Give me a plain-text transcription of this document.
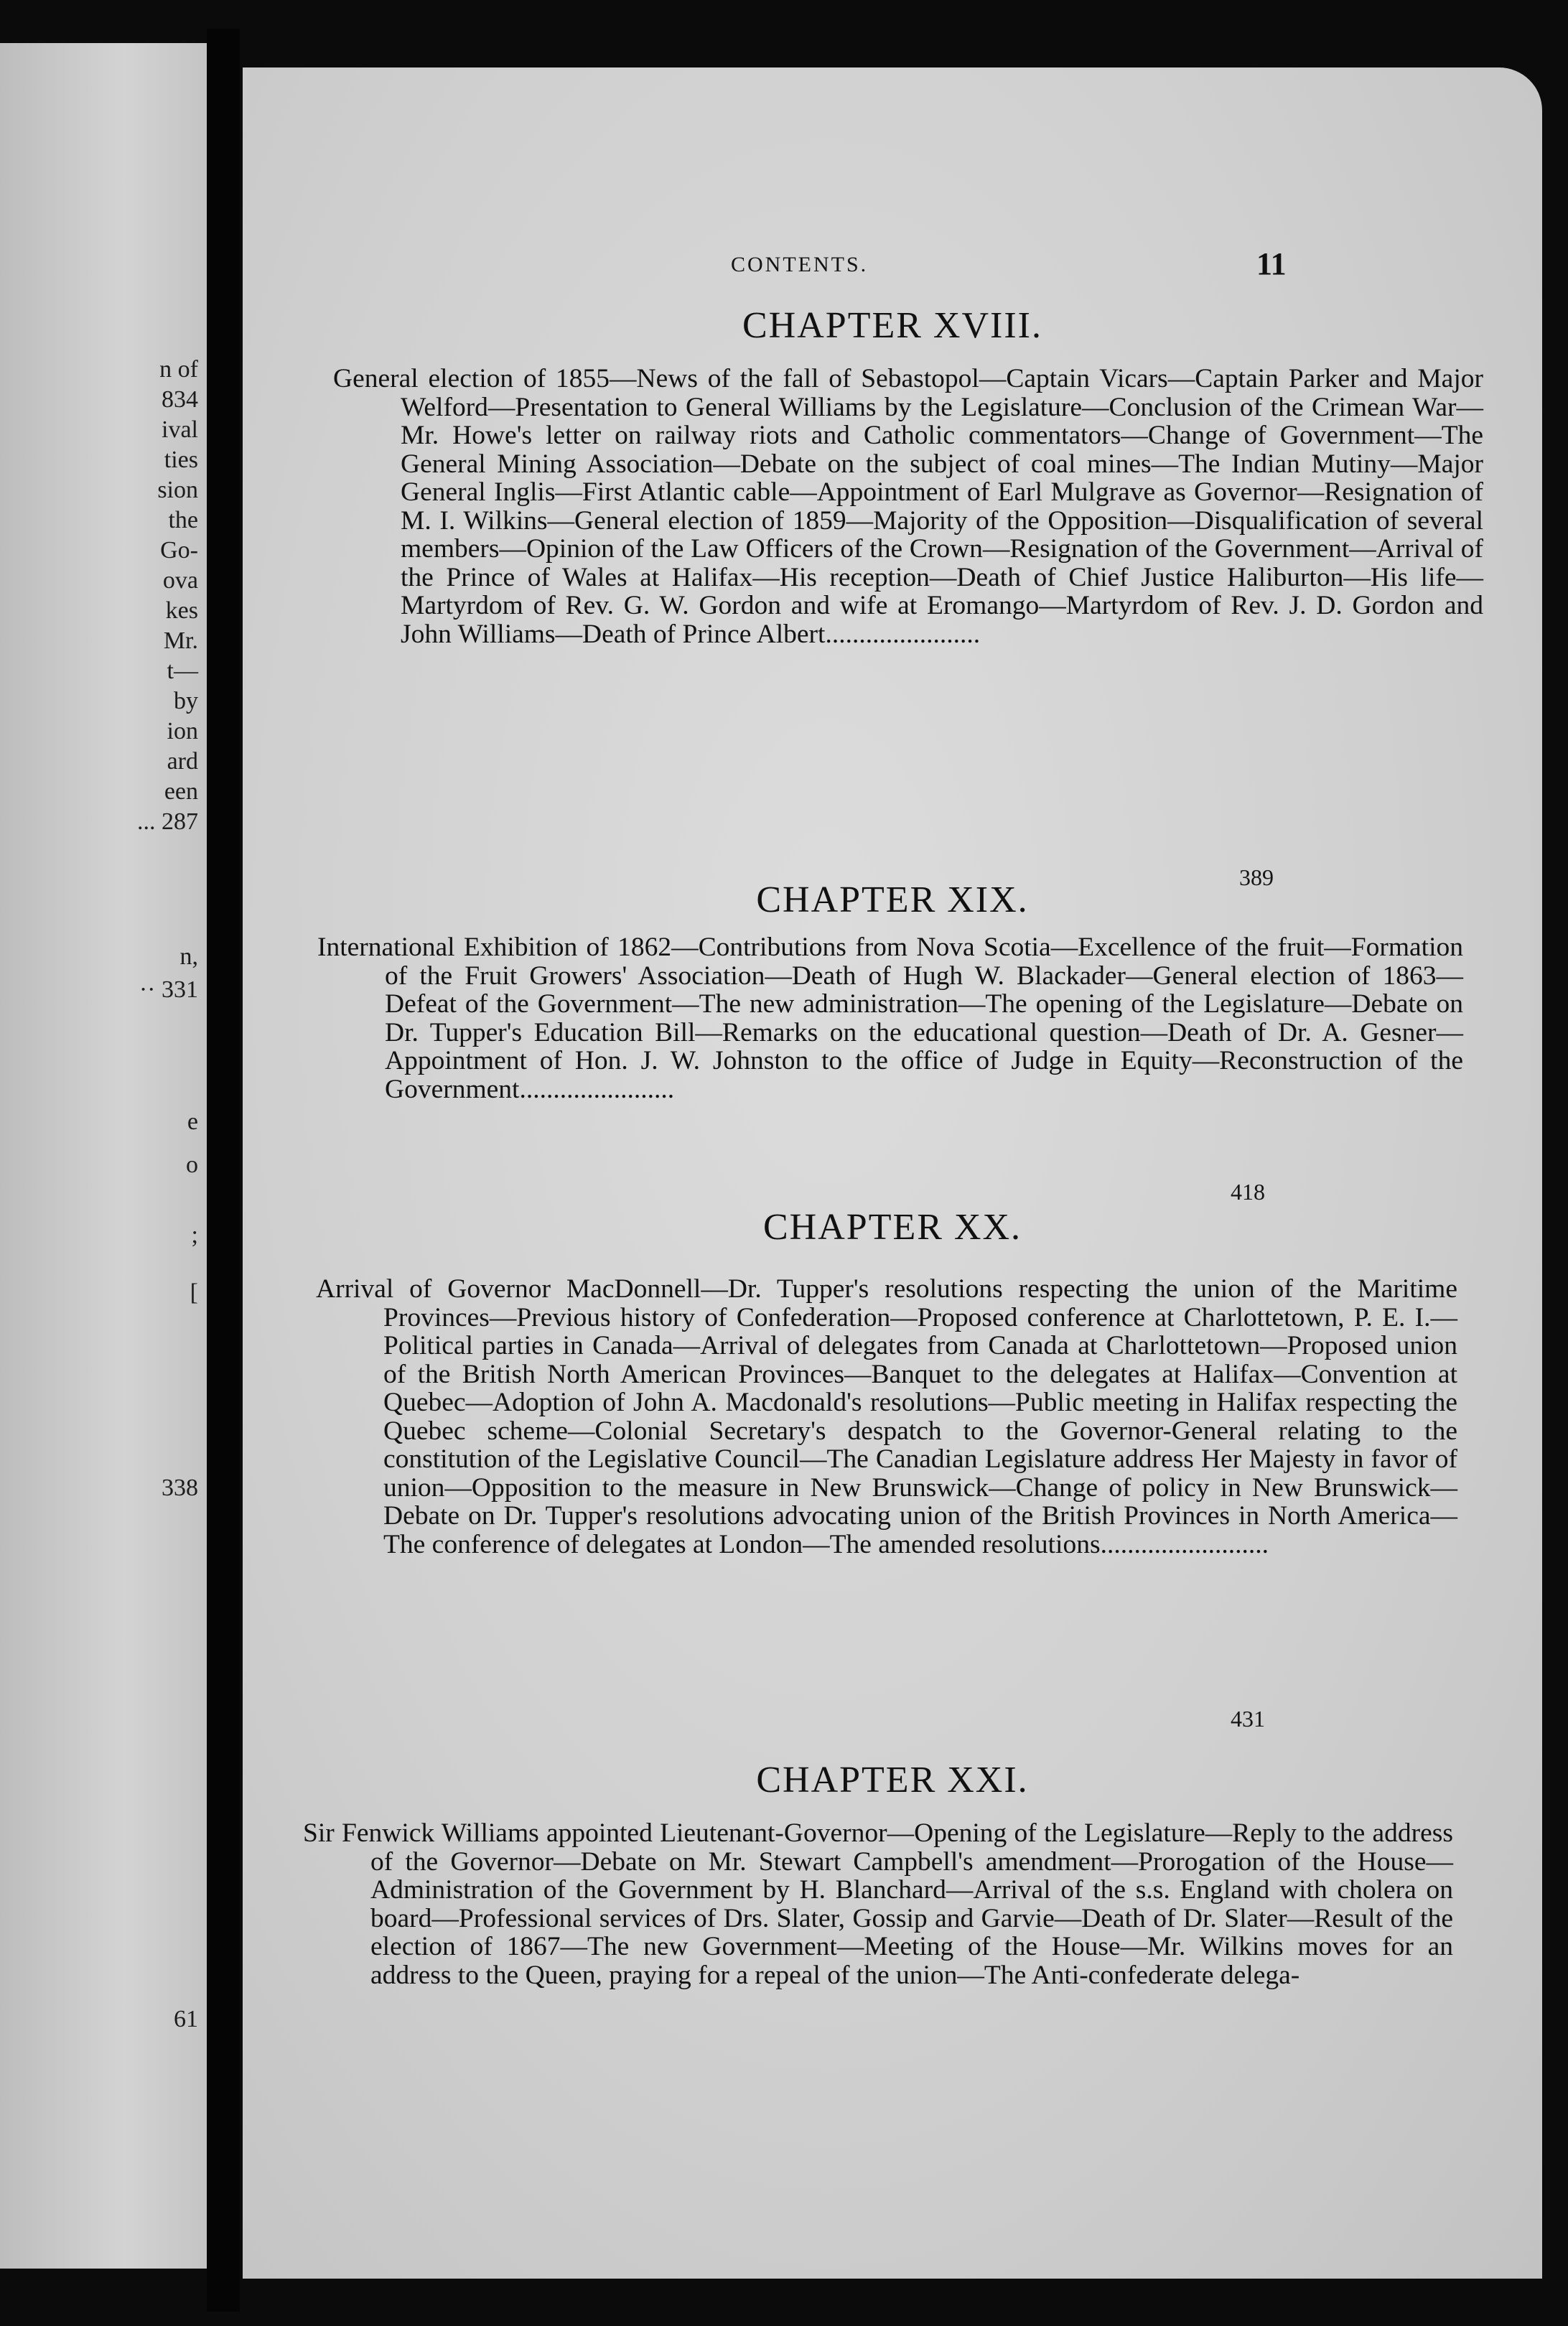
n of
834
ival
ties
sion
the
Go-
ova
kes
Mr.
t—
by
ion
ard
een
... 287
n,
·· 331
e
o
;
[
338
61
CONTENTS.	11
CHAPTER XVIII.
General election of 1855—News of the fall of Sebastopol—Captain Vicars—Captain Parker and Major Welford—Presentation to General Williams by the Legislature—Conclusion of the Crimean War—Mr. Howe's letter on railway riots and Catholic commentators—Change of Government—The General Mining Association—Debate on the subject of coal mines—The Indian Mutiny—Major General Inglis—First Atlantic cable—Appointment of Earl Mulgrave as Governor—Resignation of M. I. Wilkins—General election of 1859—Majority of the Opposition—Disqualification of several members—Opinion of the Law Officers of the Crown—Resignation of the Government—Arrival of the Prince of Wales at Halifax—His reception—Death of Chief Justice Haliburton—His life—Martyrdom of Rev. G. W. Gordon and wife at Eromango—Martyrdom of Rev. J. D. Gordon and John Williams—Death of Prince Albert.......................
389
CHAPTER XIX.
International Exhibition of 1862—Contributions from Nova Scotia—Excellence of the fruit—Formation of the Fruit Growers' Association—Death of Hugh W. Blackader—General election of 1863—Defeat of the Government—The new administration—The opening of the Legislature—Debate on Dr. Tupper's Education Bill—Remarks on the educational question—Death of Dr. A. Gesner—Appointment of Hon. J. W. Johnston to the office of Judge in Equity—Reconstruction of the Government.......................
418
CHAPTER XX.
Arrival of Governor MacDonnell—Dr. Tupper's resolutions respecting the union of the Maritime Provinces—Previous history of Confederation—Proposed conference at Charlottetown, P. E. I.—Political parties in Canada—Arrival of delegates from Canada at Charlottetown—Proposed union of the British North American Provinces—Banquet to the delegates at Halifax—Convention at Quebec—Adoption of John A. Macdonald's resolutions—Public meeting in Halifax respecting the Quebec scheme—Colonial Secretary's despatch to the Governor-General relating to the constitution of the Legislative Council—The Canadian Legislature address Her Majesty in favor of union—Opposition to the measure in New Brunswick—Change of policy in New Brunswick—Debate on Dr. Tupper's resolutions advocating union of the British Provinces in North America—The conference of delegates at London—The amended resolutions.........................
431
CHAPTER XXI.
Sir Fenwick Williams appointed Lieutenant-Governor—Opening of the Legislature—Reply to the address of the Governor—Debate on Mr. Stewart Campbell's amendment—Prorogation of the House—Administration of the Government by H. Blanchard—Arrival of the s.s. England with cholera on board—Professional services of Drs. Slater, Gossip and Garvie—Death of Dr. Slater—Result of the election of 1867—The new Government—Meeting of the House—Mr. Wilkins moves for an address to the Queen, praying for a repeal of the union—The Anti-confederate delega-
